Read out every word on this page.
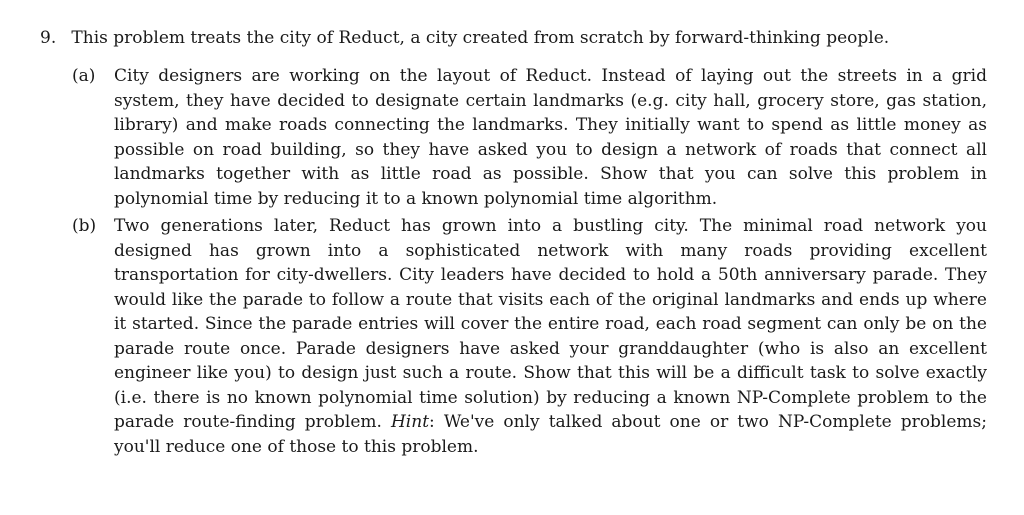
9. This problem treats the city of Reduct, a city created from scratch by forward-thinking people.
(a)	City designers are working on the layout of Reduct. Instead of laying out the streets in a grid system, they have decided to designate certain landmarks (e.g. city hall, grocery store, gas station, library) and make roads connecting the landmarks. They initially want to spend as little money as possible on road building, so they have asked you to design a network of roads that connect all landmarks together with as little road as possible. Show that you can solve this problem in polynomial time by reducing it to a known polynomial time algorithm.
(b)	Two generations later, Reduct has grown into a bustling city. The minimal road network you designed has grown into a sophisticated network with many roads providing excellent transportation for city-dwellers. City leaders have decided to hold a 50th anniversary parade. They would like the parade to follow a route that visits each of the original landmarks and ends up where it started. Since the parade entries will cover the entire road, each road segment can only be on the parade route once. Parade designers have asked your granddaughter (who is also an excellent engineer like you) to design just such a route. Show that this will be a difficult task to solve exactly (i.e. there is no known polynomial time solution) by reducing a known NP-Complete problem to the parade route-finding problem. Hint: We've only talked about one or two NP-Complete problems; you'll reduce one of those to this problem.
